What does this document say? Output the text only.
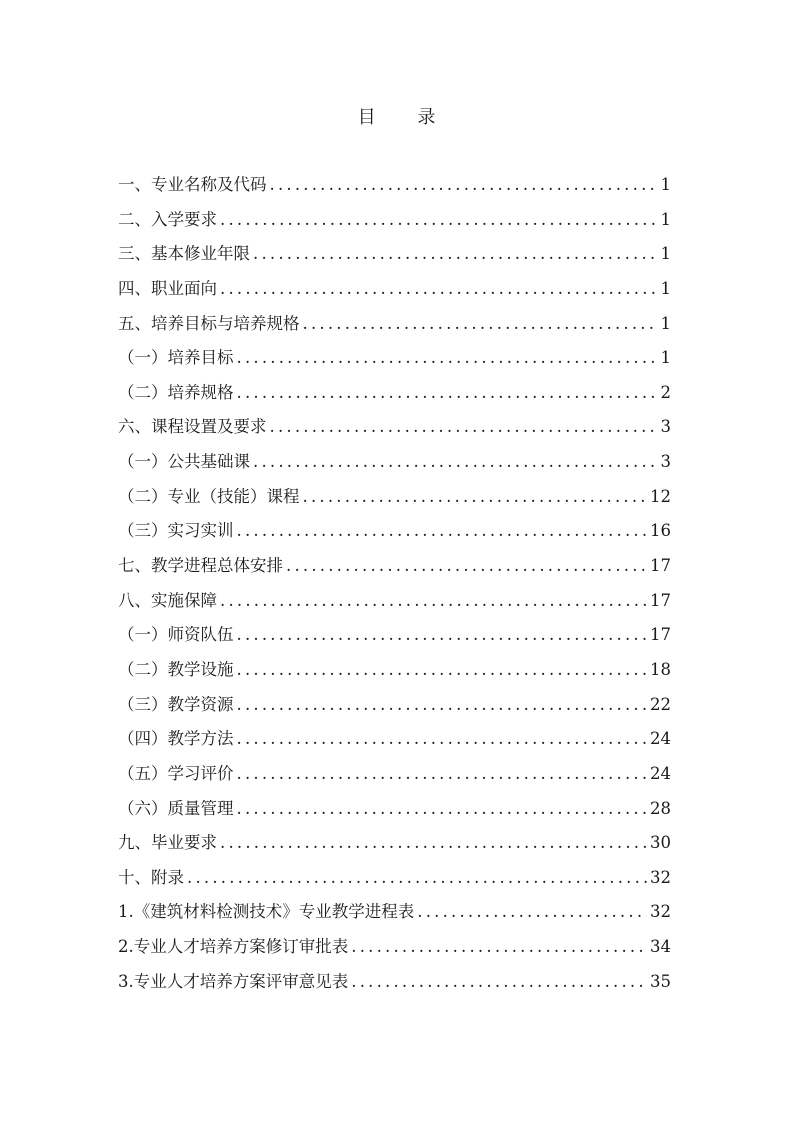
目 录
一、专业名称及代码 .....	1
二、入学要求 .....	1
三、基本修业年限 .....	1
四、职业面向 .....	1
五、培养目标与培养规格 .....	1
（一）培养目标 .....	1
（二）培养规格 .....	2
六、课程设置及要求 .....	3
（一）公共基础课 .....	3
（二）专业（技能）课程 .....	12
（三）实习实训 .....	16
七、教学进程总体安排 .....	17
八、实施保障 .....	17
（一）师资队伍 .....	17
（二）教学设施 .....	18
（三）教学资源 .....	22
（四）教学方法 .....	24
（五）学习评价 .....	24
（六）质量管理 .....	28
九、毕业要求 .....	30
十、附录 .....	32
1.《建筑材料检测技术》专业教学进程表 .....	32
2.专业人才培养方案修订审批表 .....	34
3.专业人才培养方案评审意见表 .....	35
